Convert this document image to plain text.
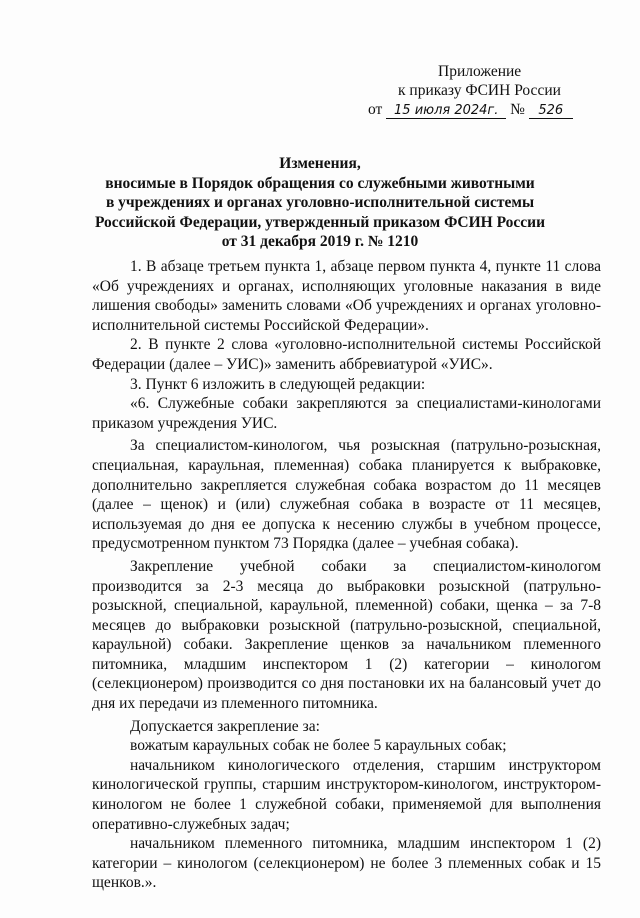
Приложение
к приказу ФСИН России
от 15 июля 2024г. № 526
Изменения,
вносимые в Порядок обращения со служебными животными
в учреждениях и органах уголовно-исполнительной системы
Российской Федерации, утвержденный приказом ФСИН России
от 31 декабря 2019 г. № 1210

1. В абзаце третьем пункта 1, абзаце первом пункта 4, пункте 11 слова «Об учреждениях и органах, исполняющих уголовные наказания в виде лишения свободы» заменить словами «Об учреждениях и органах уголовно-исполнительной системы Российской Федерации».

2. В пункте 2 слова «уголовно-исполнительной системы Российской Федерации (далее – УИС)» заменить аббревиатурой «УИС».

3. Пункт 6 изложить в следующей редакции:

«6. Служебные собаки закрепляются за специалистами-кинологами приказом учреждения УИС.

За специалистом-кинологом, чья розыскная (патрульно-розыскная, специальная, караульная, племенная) собака планируется к выбраковке, дополнительно закрепляется служебная собака возрастом до 11 месяцев (далее – щенок) и (или) служебная собака в возрасте от 11 месяцев, используемая до дня ее допуска к несению службы в учебном процессе, предусмотренном пунктом 73 Порядка (далее – учебная собака).

Закрепление учебной собаки за специалистом-кинологом производится за 2-3 месяца до выбраковки розыскной (патрульно-розыскной, специальной, караульной, племенной) собаки, щенка – за 7-8 месяцев до выбраковки розыскной (патрульно-розыскной, специальной, караульной) собаки. Закрепление щенков за начальником племенного питомника, младшим инспектором 1 (2) категории – кинологом (селекционером) производится со дня постановки их на балансовый учет до дня их передачи из племенного питомника.

Допускается закрепление за:

вожатым караульных собак не более 5 караульных собак;

начальником кинологического отделения, старшим инструктором кинологической группы, старшим инструктором-кинологом, инструктором-кинологом не более 1 служебной собаки, применяемой для выполнения оперативно-служебных задач;

начальником племенного питомника, младшим инспектором 1 (2) категории – кинологом (селекционером) не более 3 племенных собак и 15 щенков.».
